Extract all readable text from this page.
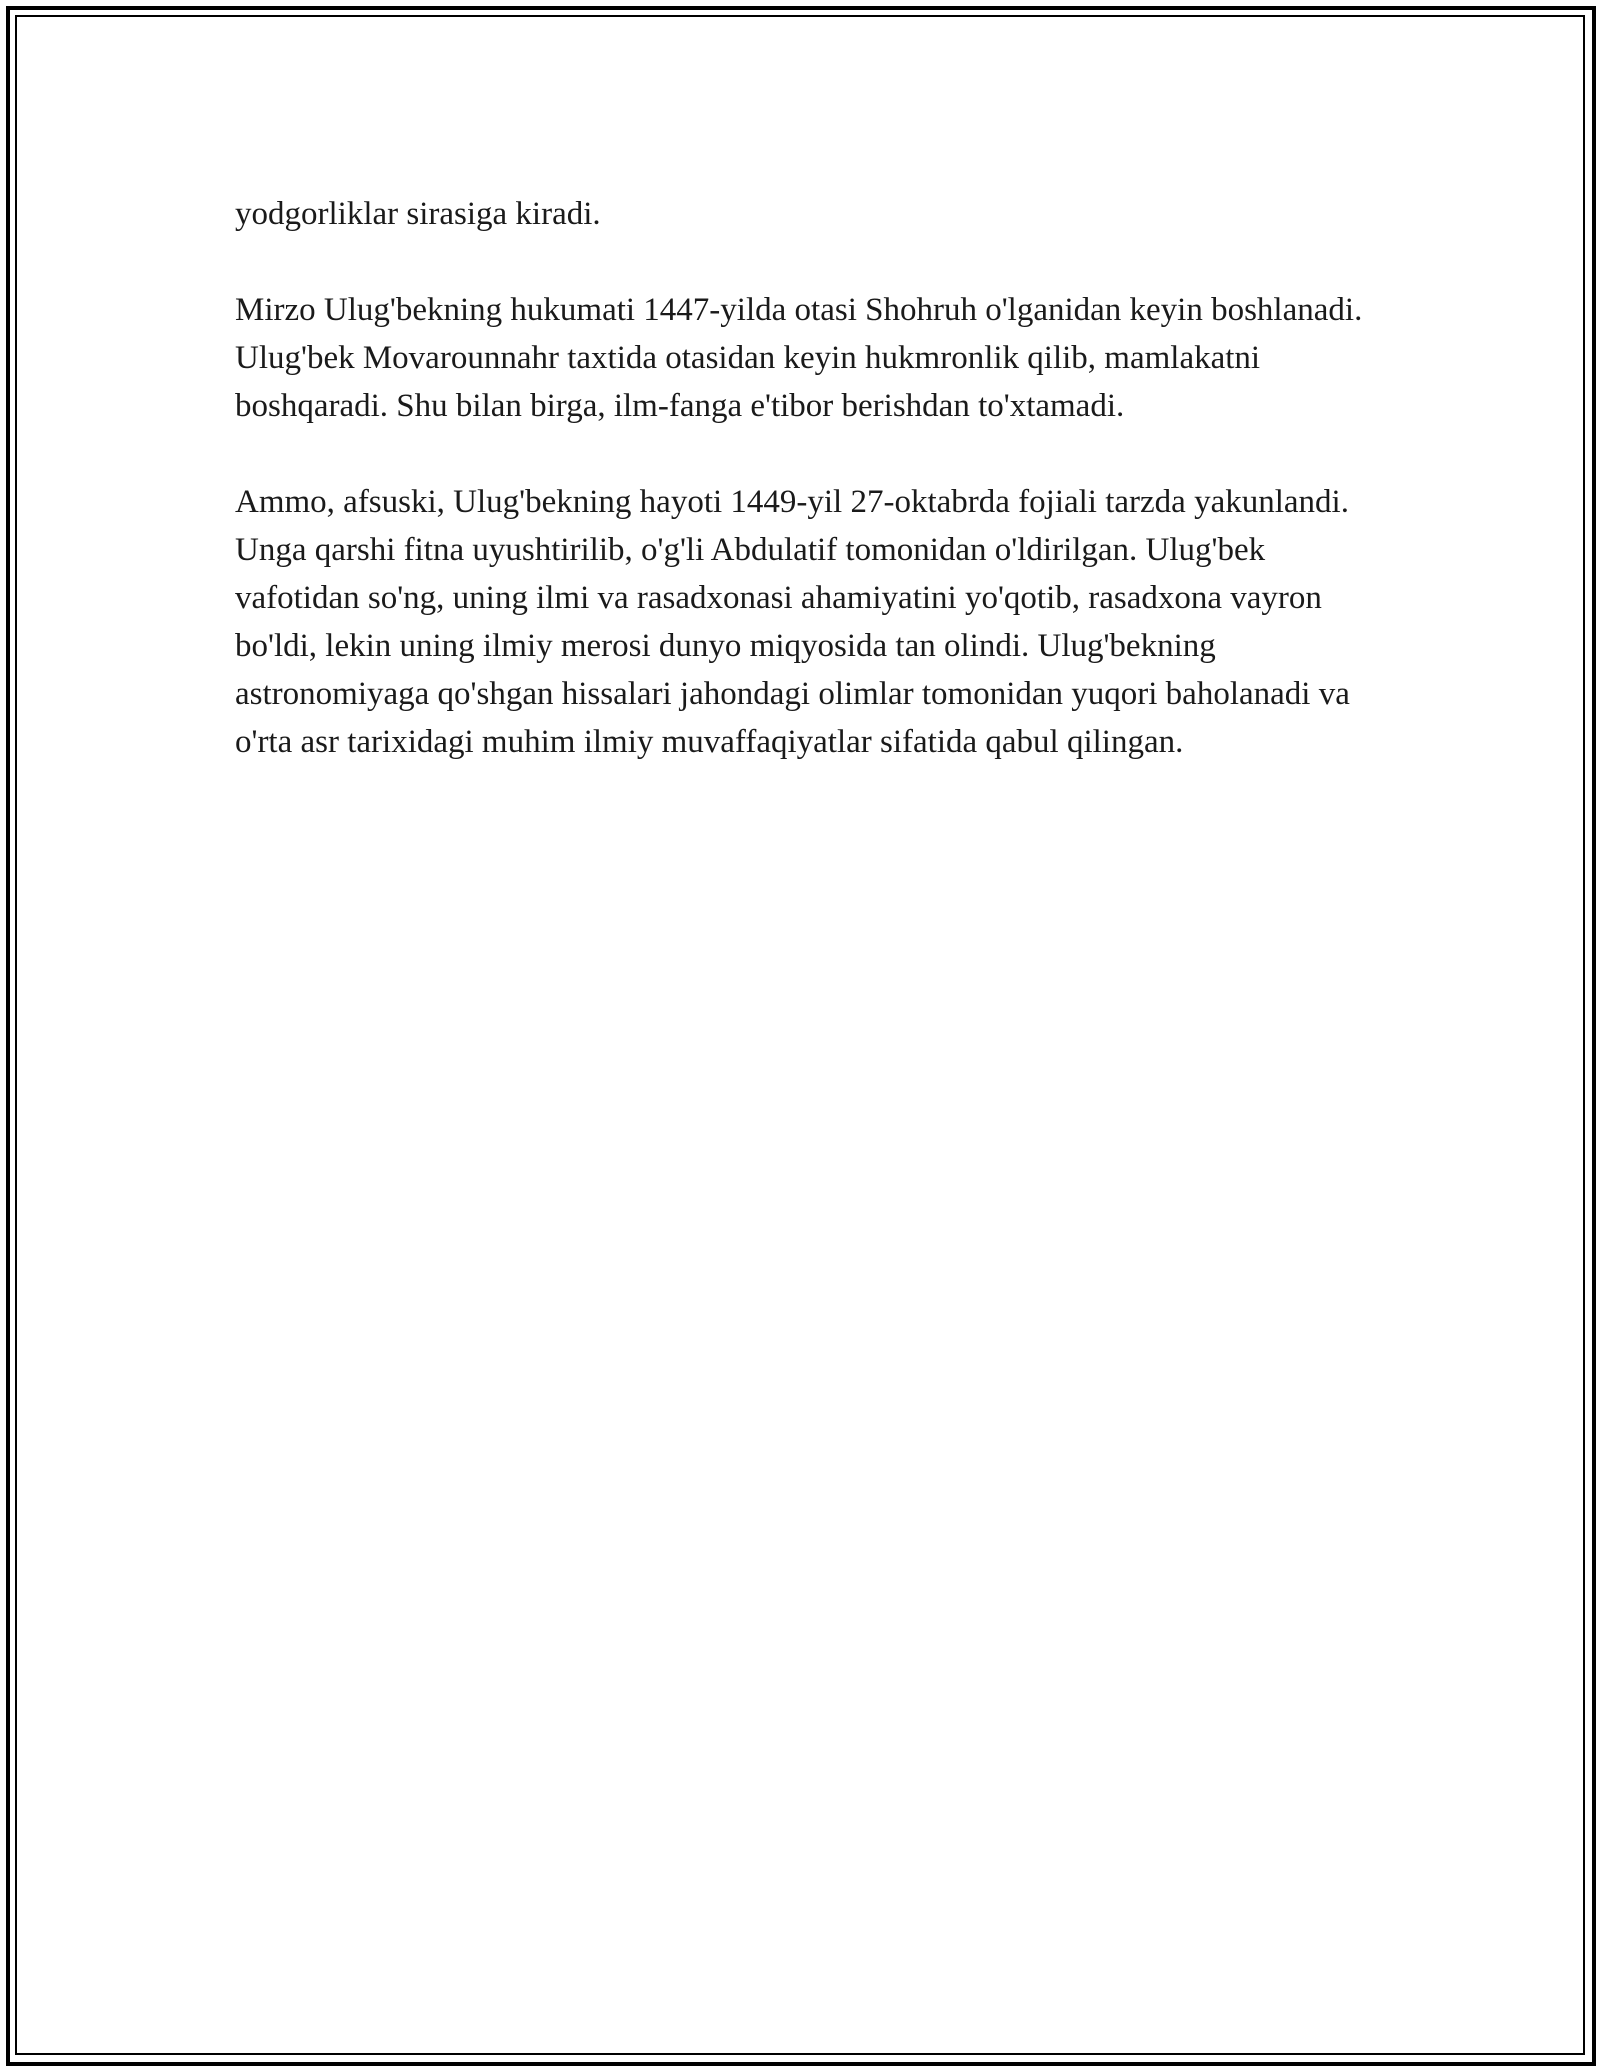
yodgorliklar sirasiga kiradi.

Mirzo Ulug'bekning hukumati 1447-yilda otasi Shohruh o'lganidan keyin boshlanadi. Ulug'bek Movarounnahr taxtida otasidan keyin hukmronlik qilib, mamlakatni boshqaradi. Shu bilan birga, ilm-fanga e'tibor berishdan to'xtamadi.

Ammo, afsuski, Ulug'bekning hayoti 1449-yil 27-oktabrda fojiali tarzda yakunlandi. Unga qarshi fitna uyushtirilib, o'g'li Abdulatif tomonidan o'ldirilgan. Ulug'bek vafotidan so'ng, uning ilmi va rasadxonasi ahamiyatini yo'qotib, rasadxona vayron bo'ldi, lekin uning ilmiy merosi dunyo miqyosida tan olindi. Ulug'bekning astronomiyaga qo'shgan hissalari jahondagi olimlar tomonidan yuqori baholanadi va o'rta asr tarixidagi muhim ilmiy muvaffaqiyatlar sifatida qabul qilingan.
